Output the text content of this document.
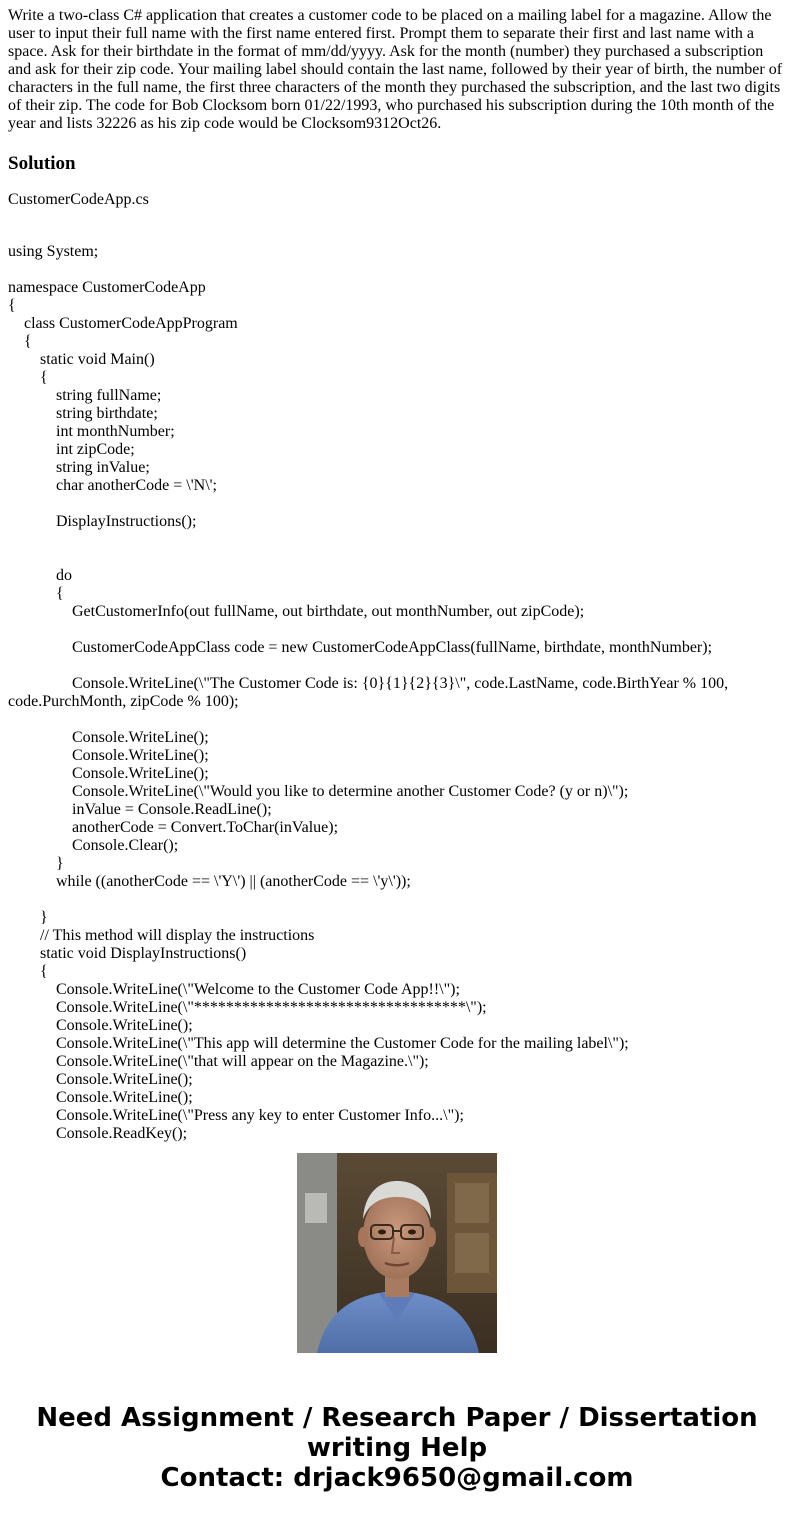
Write a two-class C# application that creates a customer code to be placed on a mailing label for a magazine. Allow the user to input their full name with the first name entered first. Prompt them to separate their first and last name with a space. Ask for their birthdate in the format of mm/dd/yyyy. Ask for the month (number) they purchased a subscription and ask for their zip code. Your mailing label should contain the last name, followed by their year of birth, the number of characters in the full name, the first three characters of the month they purchased the subscription, and the last two digits of their zip. The code for Bob Clocksom born 01/22/1993, who purchased his subscription during the 10th month of the year and lists 32226 as his zip code would be Clocksom9312Oct26.

Solution

CustomerCodeApp.cs

using System;
namespace CustomerCodeApp
{
class CustomerCodeAppProgram
{
static void Main()
{
string fullName;
string birthdate;
int monthNumber;
int zipCode;
string inValue;
char anotherCode = \'N\';
DisplayInstructions();
do
{
GetCustomerInfo(out fullName, out birthdate, out monthNumber, out zipCode);
CustomerCodeAppClass code = new CustomerCodeAppClass(fullName, birthdate, monthNumber);
Console.WriteLine(\"The Customer Code is: {0}{1}{2}{3}\", code.LastName, code.BirthYear % 100, code.PurchMonth, zipCode % 100);
Console.WriteLine();
Console.WriteLine();
Console.WriteLine();
Console.WriteLine(\"Would you like to determine another Customer Code? (y or n)\");
inValue = Console.ReadLine();
anotherCode = Convert.ToChar(inValue);
Console.Clear();
}
while ((anotherCode == \'Y\') || (anotherCode == \'y\'));
}
// This method will display the instructions
static void DisplayInstructions()
{
Console.WriteLine(\"Welcome to the Customer Code App!!\");
Console.WriteLine(\"**********************************\");
Console.WriteLine();
Console.WriteLine(\"This app will determine the Customer Code for the mailing label\");
Console.WriteLine(\"that will appear on the Magazine.\");
Console.WriteLine();
Console.WriteLine();
Console.WriteLine(\"Press any key to enter Customer Info...\");
Console.ReadKey();
Need Assignment / Research Paper / Dissertation
writing Help
Contact: drjack9650@gmail.com
